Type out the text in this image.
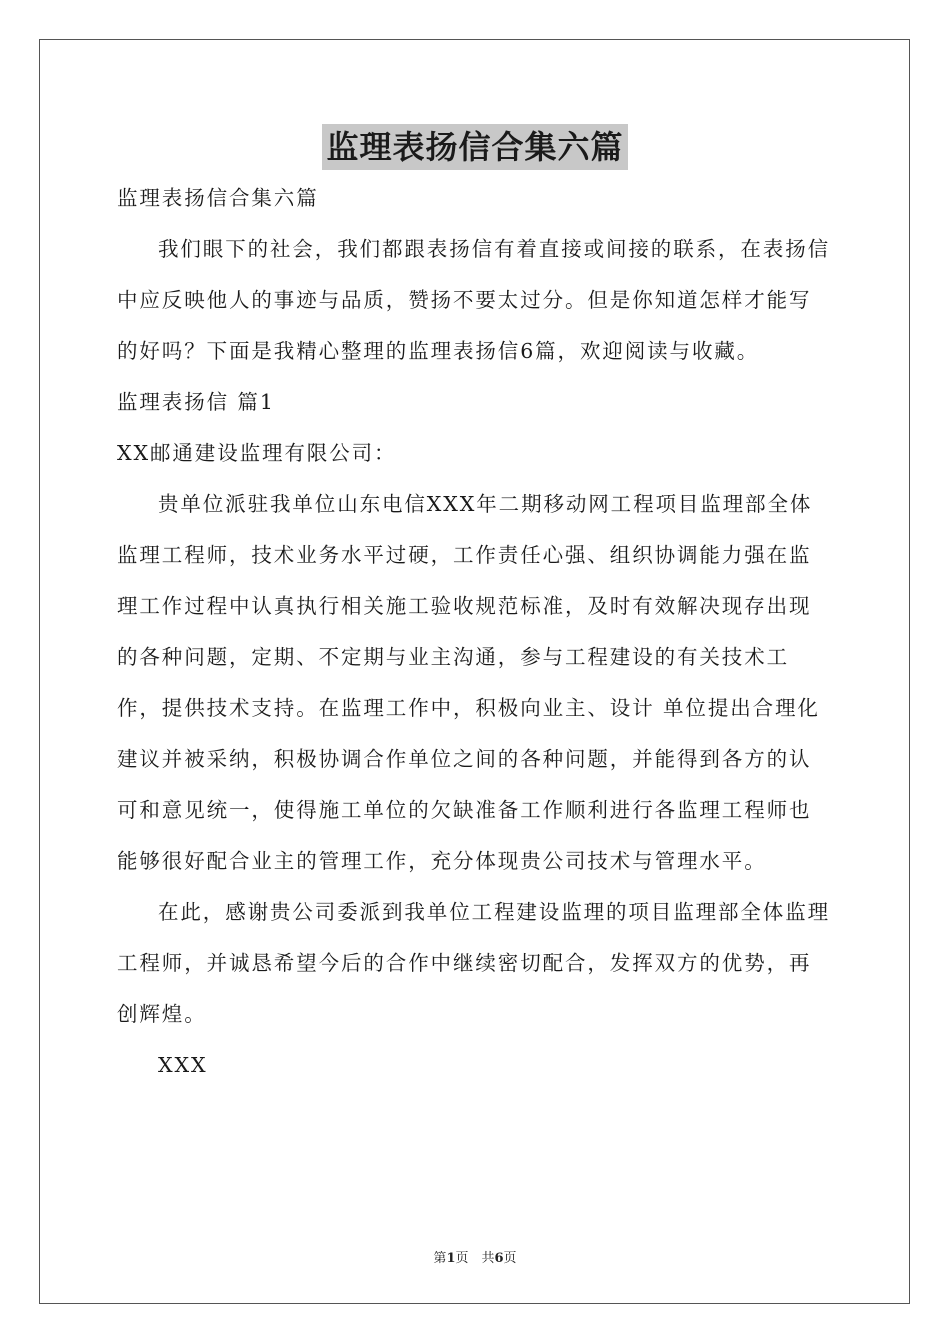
监理表扬信合集六篇

监理表扬信合集六篇

我们眼下的社会，我们都跟表扬信有着直接或间接的联系，在表扬信中应反映他人的事迹与品质，赞扬不要太过分。但是你知道怎样才能写的好吗？下面是我精心整理的监理表扬信6篇，欢迎阅读与收藏。

监理表扬信 篇1

XX邮通建设监理有限公司：

贵单位派驻我单位山东电信XXX年二期移动网工程项目监理部全体监理工程师，技术业务水平过硬，工作责任心强、组织协调能力强在监理工作过程中认真执行相关施工验收规范标准，及时有效解决现存出现的各种问题，定期、不定期与业主沟通，参与工程建设的有关技术工作，提供技术支持。在监理工作中，积极向业主、设计 单位提出合理化建议并被采纳，积极协调合作单位之间的各种问题，并能得到各方的认可和意见统一，使得施工单位的欠缺准备工作顺利进行各监理工程师也能够很好配合业主的管理工作，充分体现贵公司技术与管理水平。

在此，感谢贵公司委派到我单位工程建设监理的项目监理部全体监理工程师，并诚恳希望今后的合作中继续密切配合，发挥双方的优势，再创辉煌。

XXX

第1页　共6页
